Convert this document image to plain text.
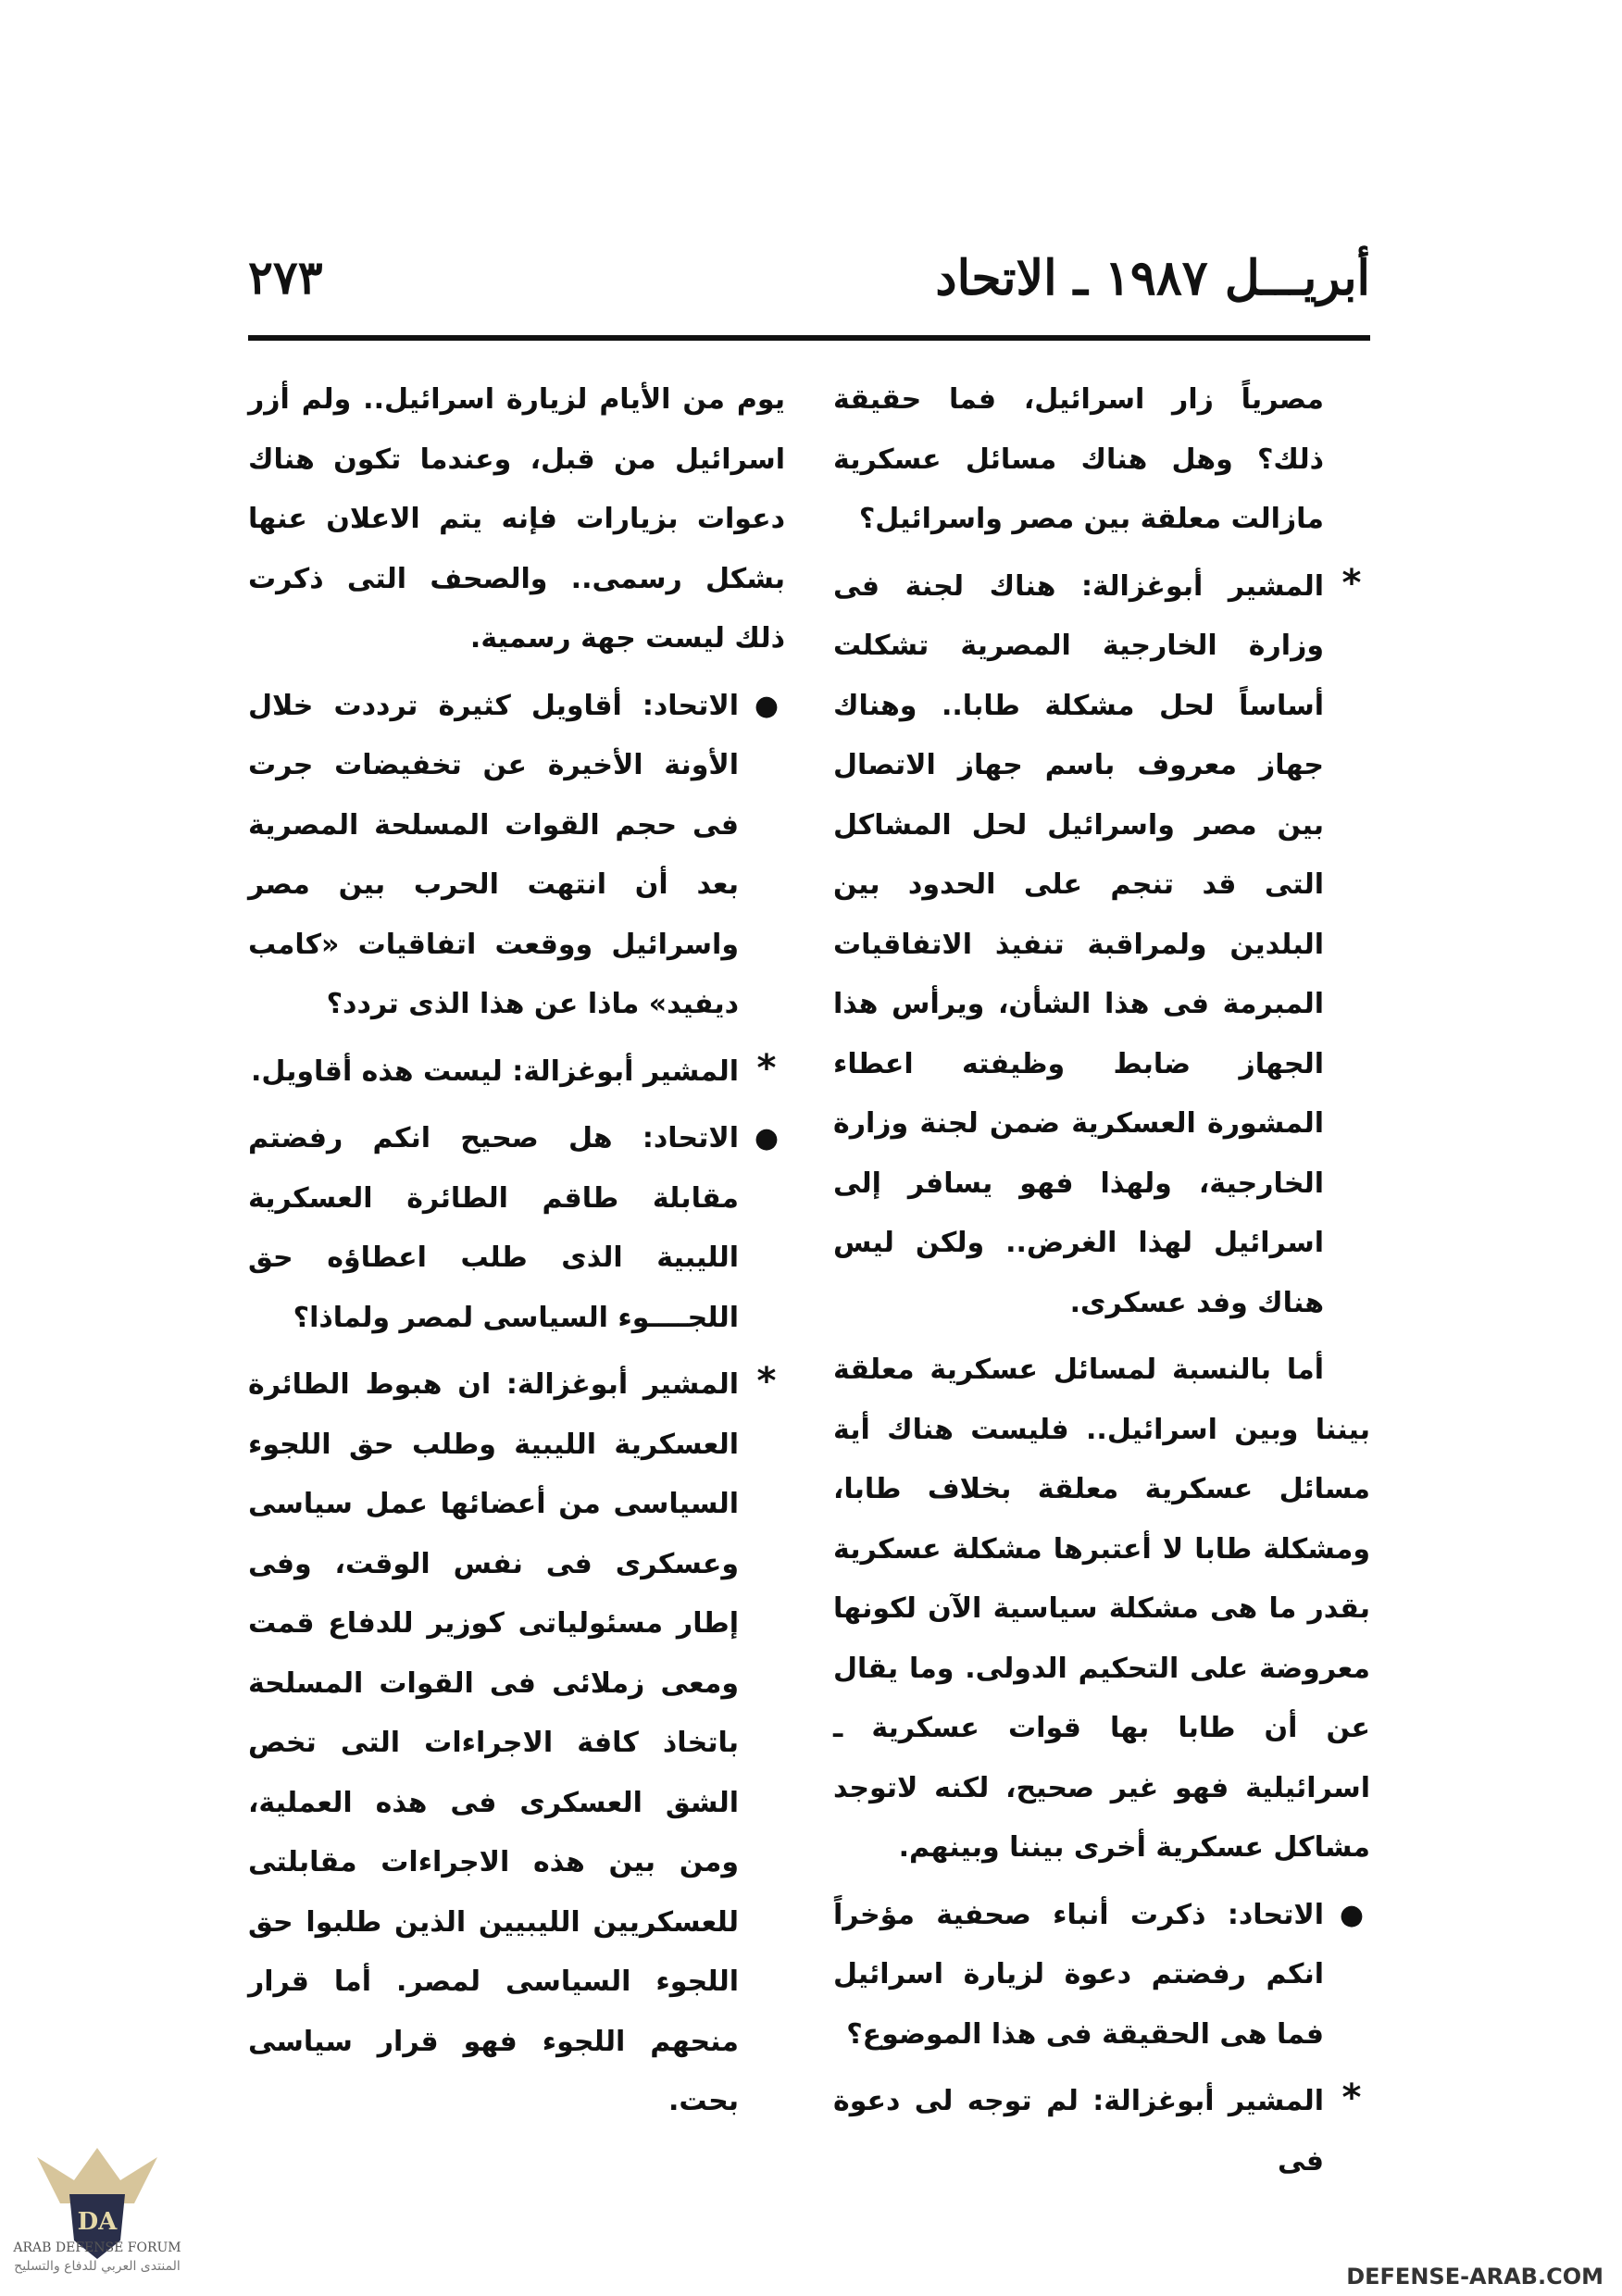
أبريـــل ١٩٨٧ ـ الاتحاد
٢٧٣

مصرياً زار اسرائيل، فما حقيقة ذلك؟ وهل هناك مسائل عسكرية مازالت معلقة بين مصر واسرائيل؟

*
المشير أبوغزالة: هناك لجنة فى وزارة الخارجية المصرية تشكلت أساساً لحل مشكلة طابا.. وهناك جهاز معروف باسم جهاز الاتصال بين مصر واسرائيل لحل المشاكل التى قد تنجم على الحدود بين البلدين ولمراقبة تنفيذ الاتفاقيات المبرمة فى هذا الشأن، ويرأس هذا الجهاز ضابط وظيفته اعطاء المشورة العسكرية ضمن لجنة وزارة الخارجية، ولهذا فهو يسافر إلى اسرائيل لهذا الغرض.. ولكن ليس هناك وفد عسكرى.

أما بالنسبة لمسائل عسكرية معلقة بيننا وبين اسرائيل.. فليست هناك أية مسائل عسكرية معلقة بخلاف طابا، ومشكلة طابا لا أعتبرها مشكلة عسكرية بقدر ما هى مشكلة سياسية الآن لكونها معروضة على التحكيم الدولى. وما يقال عن أن طابا بها قوات عسكرية ـ اسرائيلية فهو غير صحيح، لكنه لاتوجد مشاكل عسكرية أخرى بيننا وبينهم.

●
الاتحاد: ذكرت أنباء صحفية مؤخراً انكم رفضتم دعوة لزيارة اسرائيل فما هى الحقيقة فى هذا الموضوع؟
*
المشير أبوغزالة: لم توجه لى دعوة فى

يوم من الأيام لزيارة اسرائيل.. ولم أزر اسرائيل من قبل، وعندما تكون هناك دعوات بزيارات فإنه يتم الاعلان عنها بشكل رسمى.. والصحف التى ذكرت ذلك ليست جهة رسمية.

●
الاتحاد: أقاويل كثيرة ترددت خلال الأونة الأخيرة عن تخفيضات جرت فى حجم القوات المسلحة المصرية بعد أن انتهت الحرب بين مصر واسرائيل ووقعت اتفاقيات «كامب ديفيد» ماذا عن هذا الذى تردد؟
*
المشير أبوغزالة: ليست هذه أقاويل.
●
الاتحاد: هل صحيح انكم رفضتم مقابلة طاقم الطائرة العسكرية الليبية الذى طلب اعطاؤه حق اللجــــوء السياسى لمصر ولماذا؟
*
المشير أبوغزالة: ان هبوط الطائرة العسكرية الليبية وطلب حق اللجوء السياسى من أعضائها عمل سياسى وعسكرى فى نفس الوقت، وفى إطار مسئولياتى كوزير للدفاع قمت ومعى زملائى فى القوات المسلحة باتخاذ كافة الاجراءات التى تخص الشق العسكرى فى هذه العملية، ومن بين هذه الاجراءات مقابلتى للعسكريين الليبيين الذين طلبوا حق اللجوء السياسى لمصر. أما قرار منحهم اللجوء فهو قرار سياسى بحت.
DA
ARAB DEFENSE FORUM
المنتدى العربي للدفاع والتسليح	DEFENSE-ARAB.COM
